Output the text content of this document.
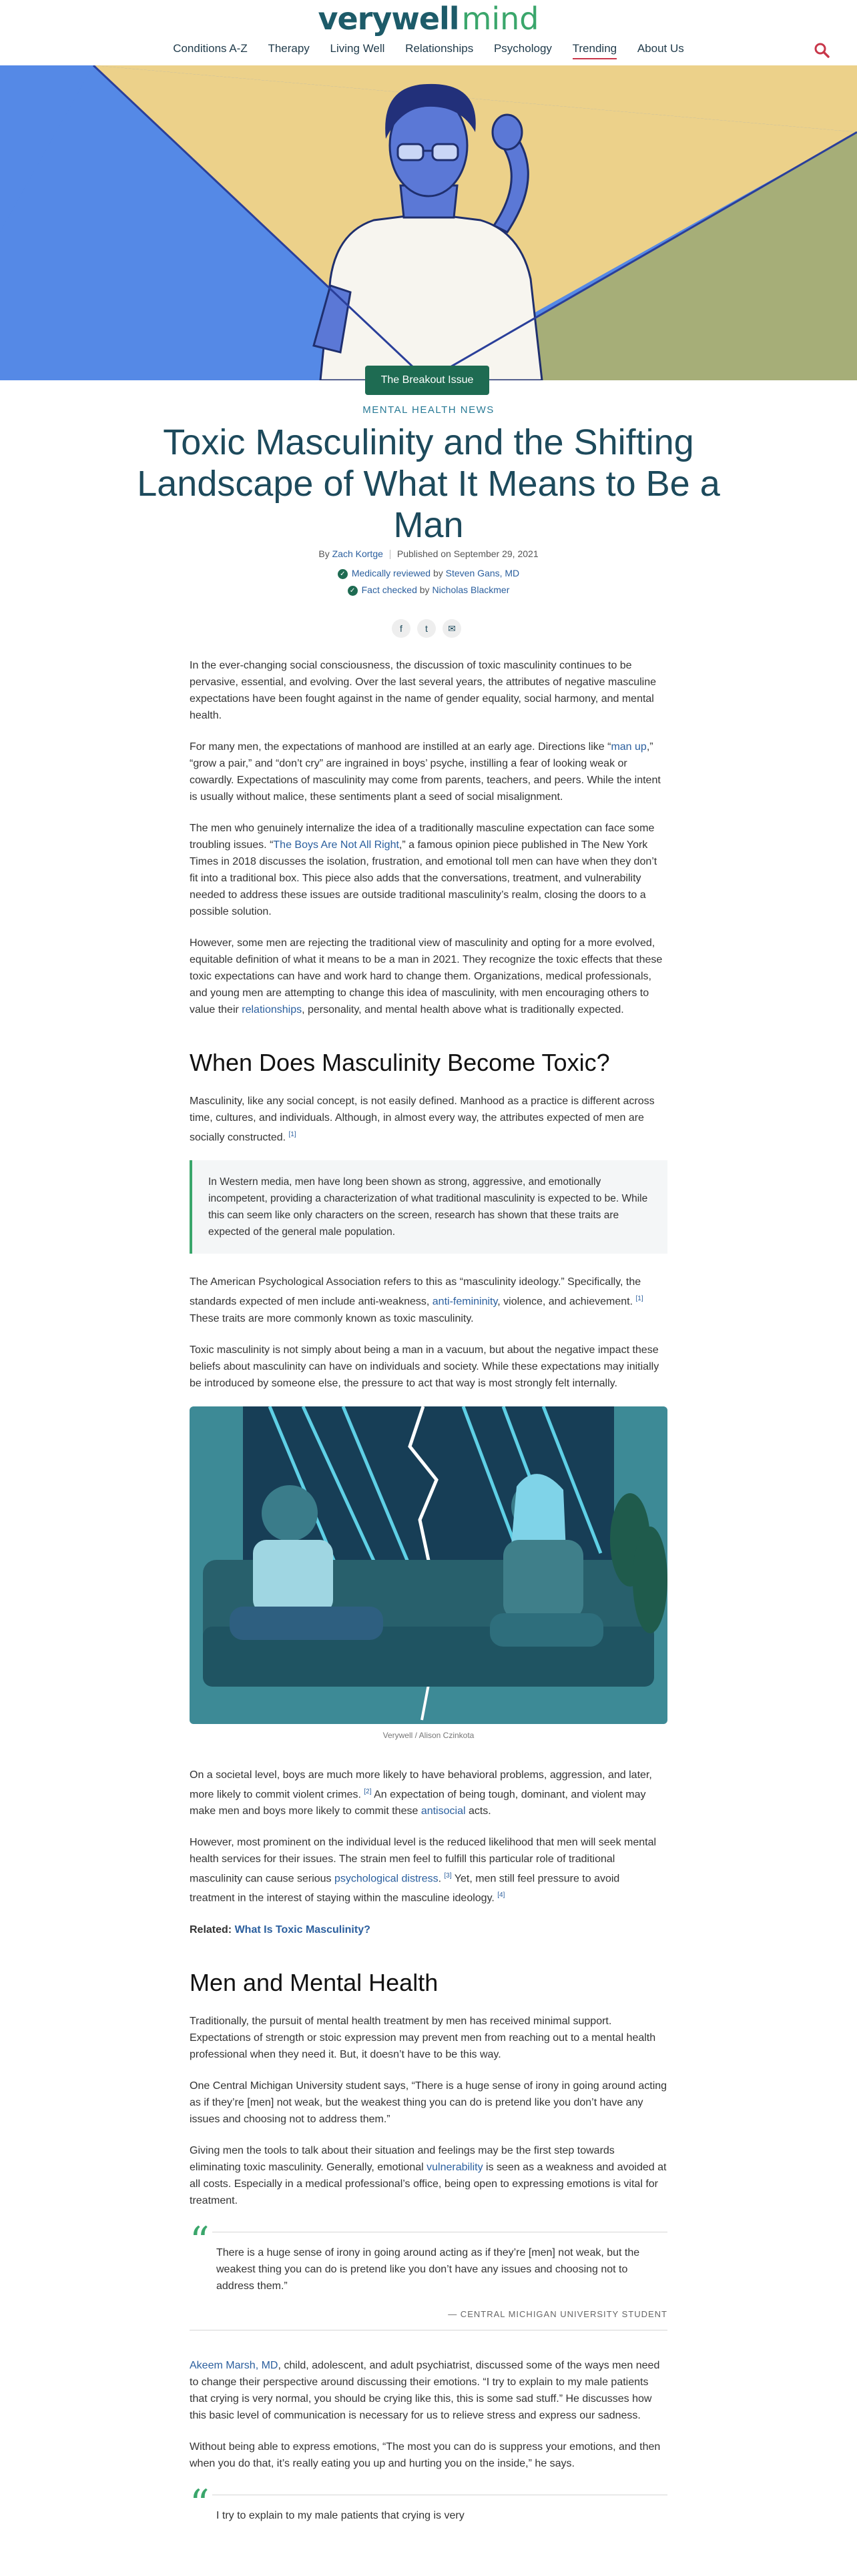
verywellmind
Conditions A-Z Therapy Living Well Relationships Psychology Trending About Us
The Breakout Issue
MENTAL HEALTH NEWS
Toxic Masculinity and the Shifting Landscape of What It Means to Be a Man
By Zach Kortge Published on September 29, 2021
✓ Medically reviewed by Steven Gans, MD
✓ Fact checked by Nicholas Blackmer
f t ✉

In the ever-changing social consciousness, the discussion of toxic masculinity continues to be pervasive, essential, and evolving. Over the last several years, the attributes of negative masculine expectations have been fought against in the name of gender equality, social harmony, and mental health.

For many men, the expectations of manhood are instilled at an early age. Directions like “man up,” “grow a pair,” and “don’t cry” are ingrained in boys’ psyche, instilling a fear of looking weak or cowardly. Expectations of masculinity may come from parents, teachers, and peers. While the intent is usually without malice, these sentiments plant a seed of social misalignment.

The men who genuinely internalize the idea of a traditionally masculine expectation can face some troubling issues. “The Boys Are Not All Right,” a famous opinion piece published in The New York Times in 2018 discusses the isolation, frustration, and emotional toll men can have when they don’t fit into a traditional box. This piece also adds that the conversations, treatment, and vulnerability needed to address these issues are outside traditional masculinity’s realm, closing the doors to a possible solution.

However, some men are rejecting the traditional view of masculinity and opting for a more evolved, equitable definition of what it means to be a man in 2021. They recognize the toxic effects that these toxic expectations can have and work hard to change them. Organizations, medical professionals, and young men are attempting to change this idea of masculinity, with men encouraging others to value their relationships, personality, and mental health above what is traditionally expected.

When Does Masculinity Become Toxic?

Masculinity, like any social concept, is not easily defined. Manhood as a practice is different across time, cultures, and individuals. Although, in almost every way, the attributes expected of men are socially constructed. [1]

In Western media, men have long been shown as strong, aggressive, and emotionally incompetent, providing a characterization of what traditional masculinity is expected to be. While this can seem like only characters on the screen, research has shown that these traits are expected of the general male population.

The American Psychological Association refers to this as “masculinity ideology.” Specifically, the standards expected of men include anti-weakness, anti-femininity, violence, and achievement. [1] These traits are more commonly known as toxic masculinity.

Toxic masculinity is not simply about being a man in a vacuum, but about the negative impact these beliefs about masculinity can have on individuals and society. While these expectations may initially be introduced by someone else, the pressure to act that way is most strongly felt internally.

Verywell / Alison Czinkota

On a societal level, boys are much more likely to have behavioral problems, aggression, and later, more likely to commit violent crimes. [2] An expectation of being tough, dominant, and violent may make men and boys more likely to commit these antisocial acts.

However, most prominent on the individual level is the reduced likelihood that men will seek mental health services for their issues. The strain men feel to fulfill this particular role of traditional masculinity can cause serious psychological distress. [3] Yet, men still feel pressure to avoid treatment in the interest of staying within the masculine ideology. [4]

Related: What Is Toxic Masculinity?

Men and Mental Health

Traditionally, the pursuit of mental health treatment by men has received minimal support. Expectations of strength or stoic expression may prevent men from reaching out to a mental health professional when they need it. But, it doesn’t have to be this way.

One Central Michigan University student says, “There is a huge sense of irony in going around acting as if they’re [men] not weak, but the weakest thing you can do is pretend like you don’t have any issues and choosing not to address them.”

Giving men the tools to talk about their situation and feelings may be the first step towards eliminating toxic masculinity. Generally, emotional vulnerability is seen as a weakness and avoided at all costs. Especially in a medical professional’s office, being open to expressing emotions is vital for treatment.

“ There is a huge sense of irony in going around acting as if they’re [men] not weak, but the weakest thing you can do is pretend like you don’t have any issues and choosing not to address them.”

— CENTRAL MICHIGAN UNIVERSITY STUDENT

Akeem Marsh, MD, child, adolescent, and adult psychiatrist, discussed some of the ways men need to change their perspective around discussing their emotions. “I try to explain to my male patients that crying is very normal, you should be crying like this, this is some sad stuff.” He discusses how this basic level of communication is necessary for us to relieve stress and express our sadness.

Without being able to express emotions, “The most you can do is suppress your emotions, and then when you do that, it’s really eating you up and hurting you on the inside,” he says.

“ I try to explain to my male patients that crying is very
